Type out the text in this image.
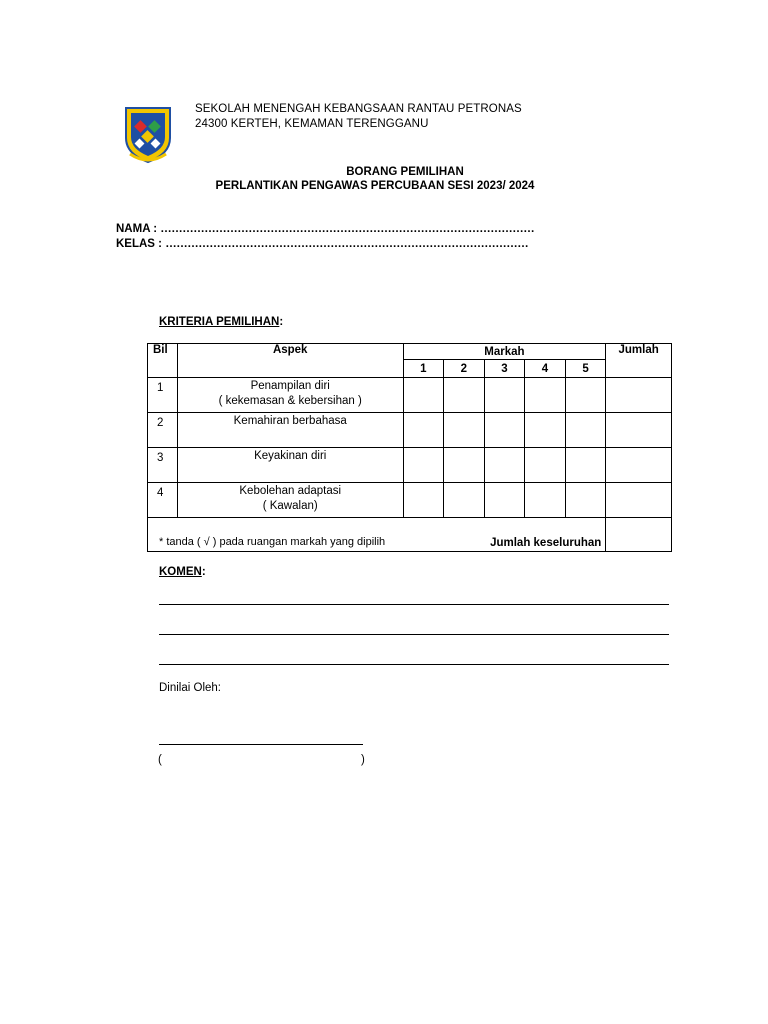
SEKOLAH MENENGAH KEBANGSAAN RANTAU PETRONAS
24300 KERTEH, KEMAMAN TERENGGANU
BORANG PEMILIHAN
PERLANTIKAN PENGAWAS PERCUBAAN SESI 2023/ 2024
NAMA : …………………………………………………………………………………………
KELAS : ………………………………………………………………………………………
KRITERIA PEMILIHAN:
Bil	Aspek	Markah					Jumlah
		1	2	3	4	5	
1	Penampilan diri
( kekemasan & kebersihan )						

2	Kemahiran berbahasa						

3	Keyakinan diri						

4	Kebolehan adaptasi
( Kawalan)						

Jumlah keseluruhan							
* tanda ( √ ) pada ruangan markah yang dipilih
KOMEN:
Dinilai Oleh:
(	)
